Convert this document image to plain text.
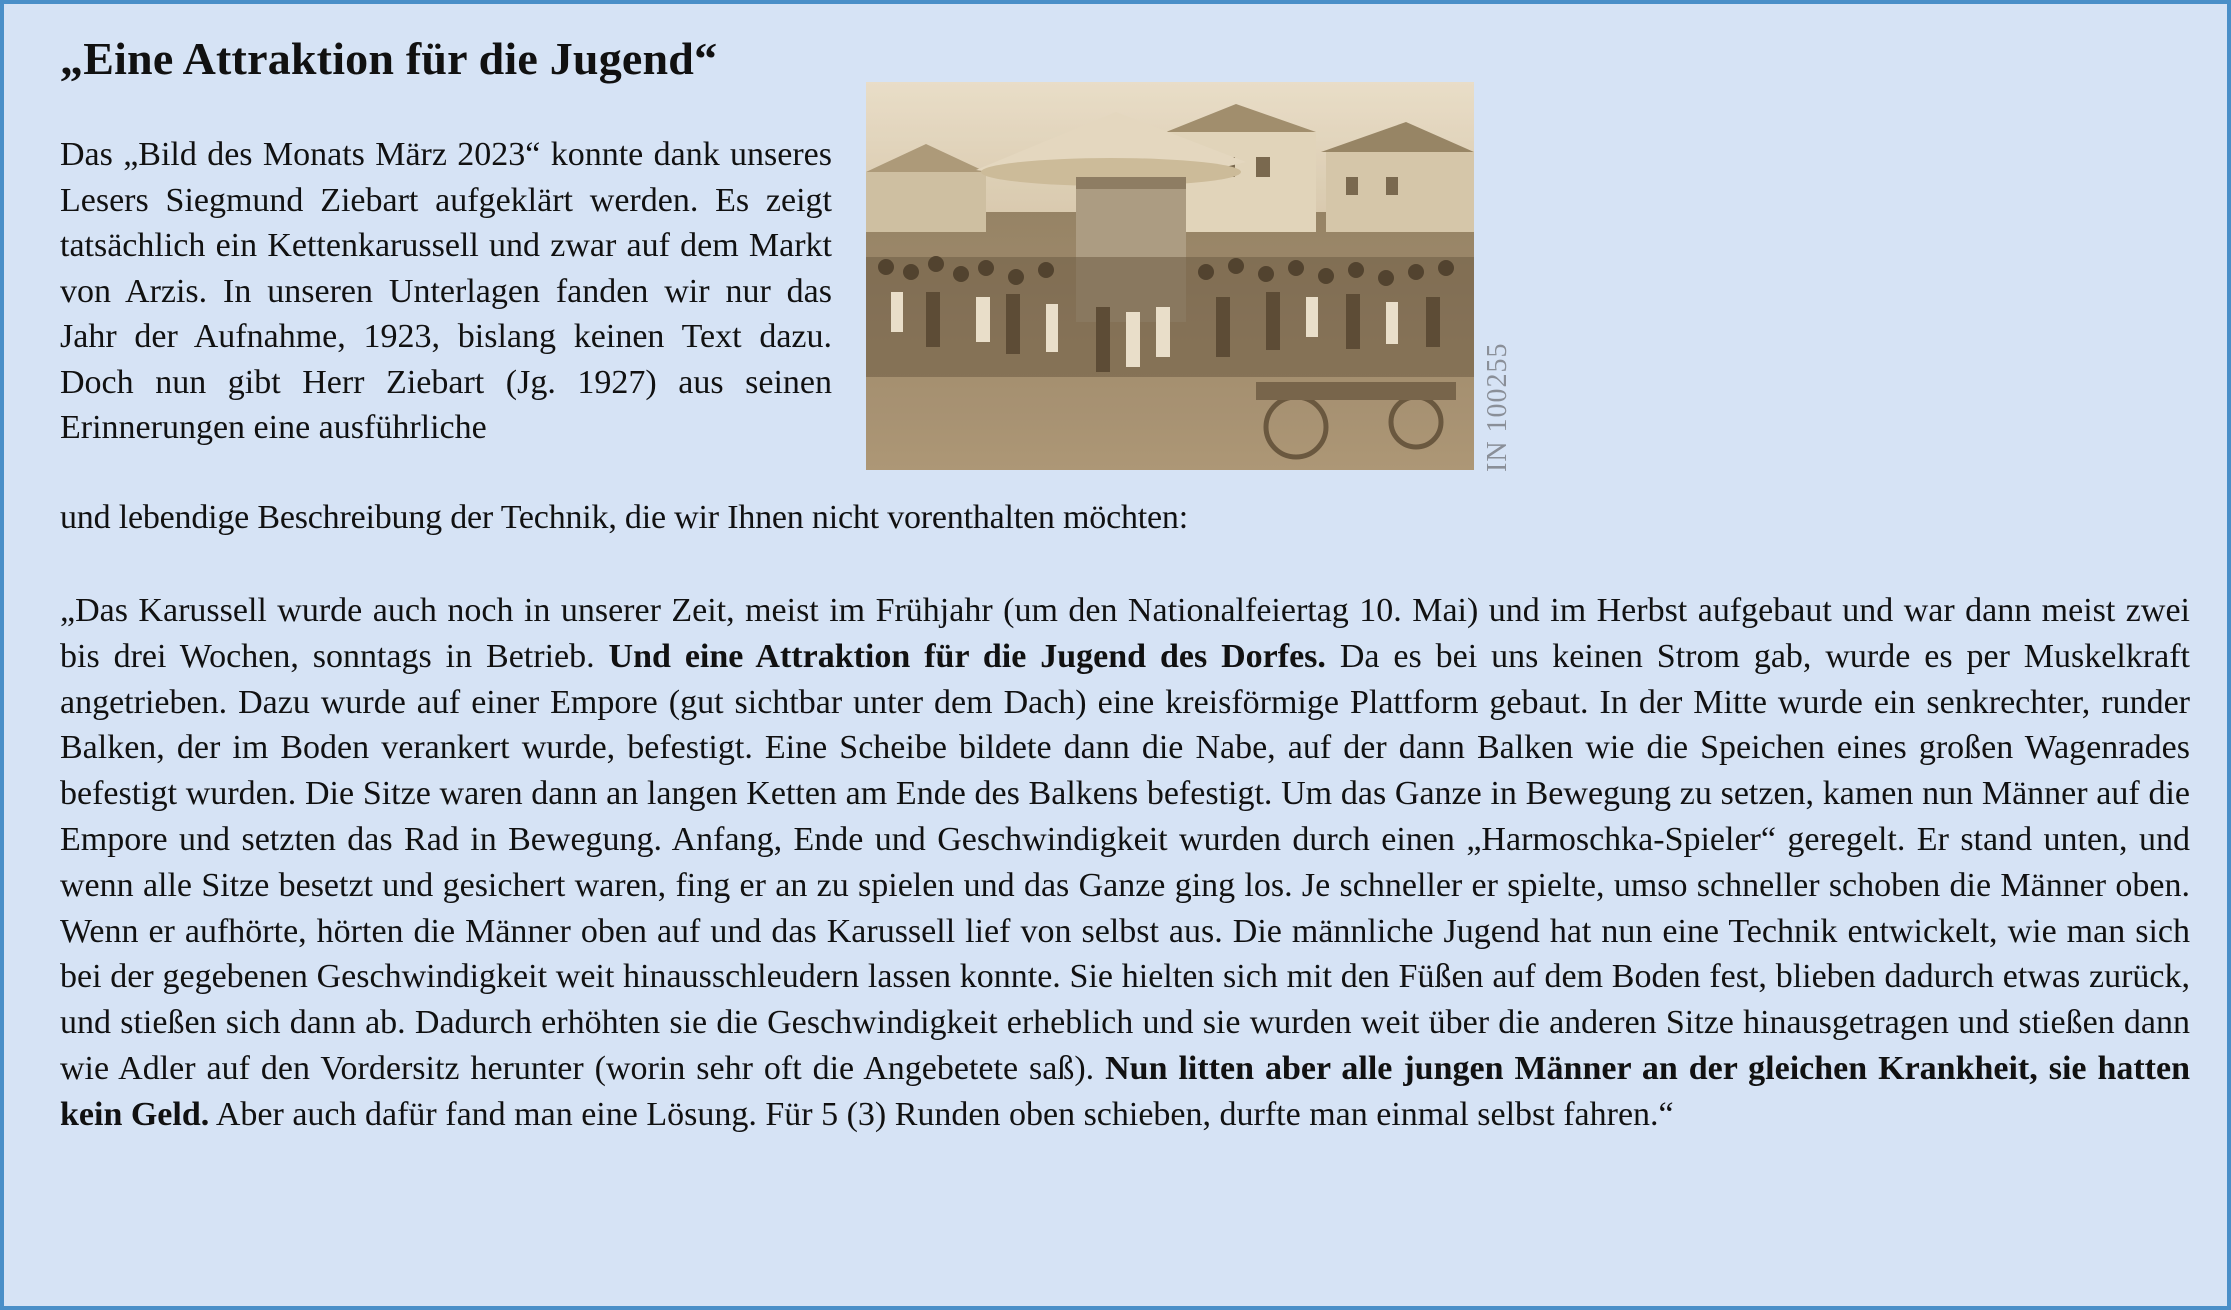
„Eine Attraktion für die Jugend“

Das „Bild des Monats März 2023“ konnte dank unseres Lesers Siegmund Ziebart aufgeklärt werden. Es zeigt tatsächlich ein Kettenkarussell und zwar auf dem Markt von Arzis. In unseren Unterlagen fanden wir nur das Jahr der Aufnahme, 1923, bislang keinen Text dazu. Doch nun gibt Herr Ziebart (Jg. 1927) aus seinen Erinnerungen eine ausführliche

und lebendige Beschreibung der Technik, die wir Ihnen nicht vorenthalten möchten:
IN 100255

„Das Karussell wurde auch noch in unserer Zeit, meist im Frühjahr (um den Nationalfeiertag 10. Mai) und im Herbst aufgebaut und war dann meist zwei bis drei Wochen, sonntags in Betrieb. Und eine Attraktion für die Jugend des Dorfes. Da es bei uns keinen Strom gab, wurde es per Muskelkraft angetrieben. Dazu wurde auf einer Empore (gut sichtbar unter dem Dach) eine kreisförmige Plattform gebaut. In der Mitte wurde ein senkrechter, runder Balken, der im Boden verankert wurde, befestigt. Eine Scheibe bildete dann die Nabe, auf der dann Balken wie die Speichen eines großen Wagenrades befestigt wurden. Die Sitze waren dann an langen Ketten am Ende des Balkens befestigt. Um das Ganze in Bewegung zu setzen, kamen nun Männer auf die Empore und setzten das Rad in Bewegung. Anfang, Ende und Geschwindigkeit wurden durch einen „Harmoschka-Spieler“ geregelt. Er stand unten, und wenn alle Sitze besetzt und gesichert waren, fing er an zu spielen und das Ganze ging los. Je schneller er spielte, umso schneller schoben die Männer oben. Wenn er aufhörte, hörten die Männer oben auf und das Karussell lief von selbst aus. Die männliche Jugend hat nun eine Technik entwickelt, wie man sich bei der gegebenen Geschwindigkeit weit hinausschleudern lassen konnte. Sie hielten sich mit den Füßen auf dem Boden fest, blieben dadurch etwas zurück, und stießen sich dann ab. Dadurch erhöhten sie die Geschwindigkeit erheblich und sie wurden weit über die anderen Sitze hinausgetragen und stießen dann wie Adler auf den Vordersitz herunter (worin sehr oft die Angebetete saß). Nun litten aber alle jungen Männer an der gleichen Krankheit, sie hatten kein Geld. Aber auch dafür fand man eine Lösung. Für 5 (3) Runden oben schieben, durfte man einmal selbst fahren.“
